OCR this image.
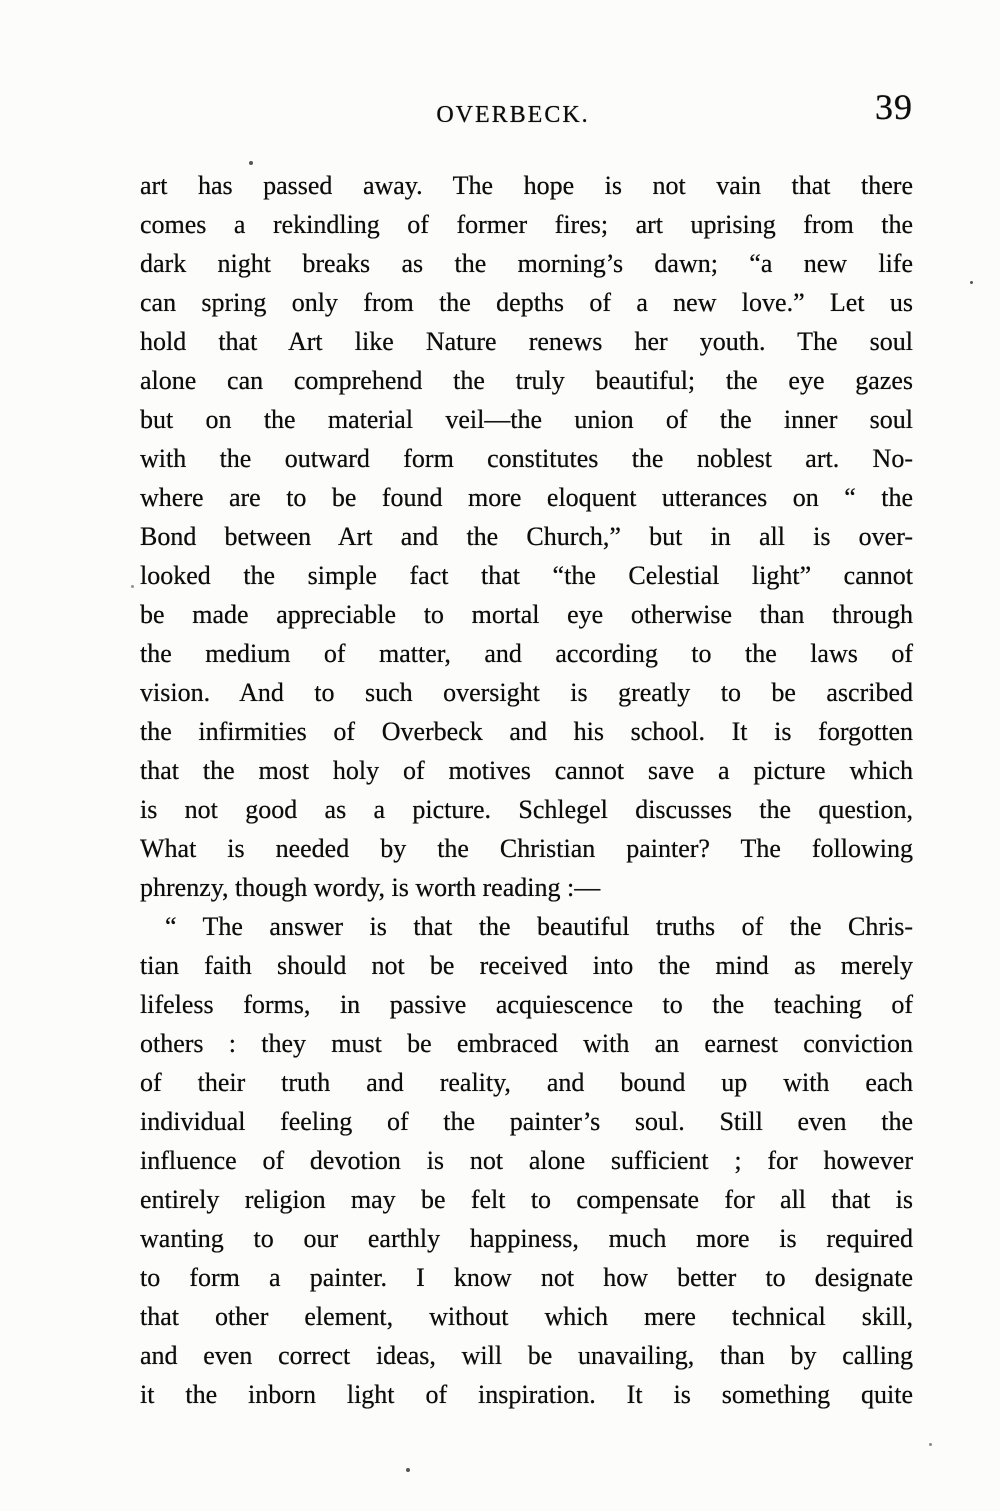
OVERBECK.	39
art has passed away. The hope is not vain that there
comes a rekindling of former fires; art uprising from the
dark night breaks as the morning’s dawn; “a new life
can spring only from the depths of a new love.” Let us
hold that Art like Nature renews her youth. The soul
alone can comprehend the truly beautiful; the eye gazes
but on the material veil—the union of the inner soul
with the outward form constitutes the noblest art. No-
where are to be found more eloquent utterances on “ the
Bond between Art and the Church,” but in all is over-
looked the simple fact that “the Celestial light” cannot
be made appreciable to mortal eye otherwise than through
the medium of matter, and according to the laws of
vision. And to such oversight is greatly to be ascribed
the infirmities of Overbeck and his school. It is forgotten
that the most holy of motives cannot save a picture which
is not good as a picture. Schlegel discusses the question,
What is needed by the Christian painter? The following
phrenzy, though wordy, is worth reading :—
“ The answer is that the beautiful truths of the Chris-
tian faith should not be received into the mind as merely
lifeless forms, in passive acquiescence to the teaching of
others : they must be embraced with an earnest conviction
of their truth and reality, and bound up with each
individual feeling of the painter’s soul. Still even the
influence of devotion is not alone sufficient ; for however
entirely religion may be felt to compensate for all that is
wanting to our earthly happiness, much more is required
to form a painter. I know not how better to designate
that other element, without which mere technical skill,
and even correct ideas, will be unavailing, than by calling
it the inborn light of inspiration. It is something quite
